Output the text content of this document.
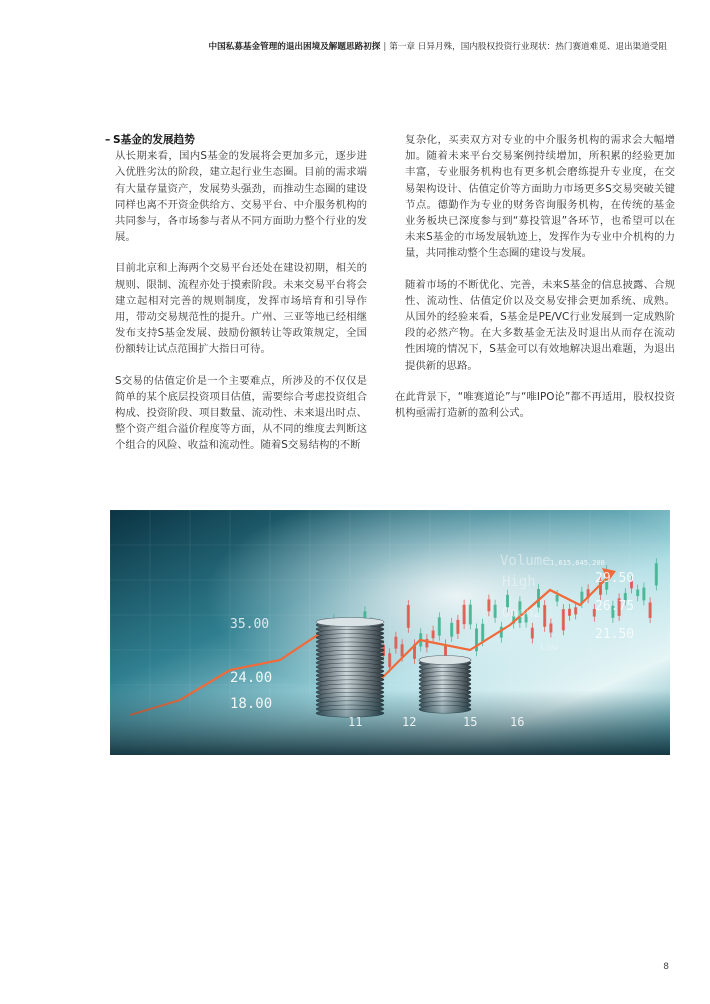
中国私募基金管理的退出困境及解题思路初探 | 第一章 日异月殊，国内股权投资行业现状：热门赛道难觅、退出渠道受阻
– S基金的发展趋势

从长期来看，国内S基金的发展将会更加多元，逐步进入优胜劣汰的阶段，建立起行业生态圈。目前的需求端有大量存量资产，发展势头强劲，而推动生态圈的建设同样也离不开资金供给方、交易平台、中介服务机构的共同参与，各市场参与者从不同方面助力整个行业的发展。

目前北京和上海两个交易平台还处在建设初期，相关的规则、限制、流程亦处于摸索阶段。未来交易平台将会建立起相对完善的规则制度，发挥市场培育和引导作用，带动交易规范性的提升。广州、三亚等地已经相继发布支持S基金发展、鼓励份额转让等政策规定，全国份额转让试点范围扩大指日可待。

S交易的估值定价是一个主要难点，所涉及的不仅仅是简单的某个底层投资项目估值，需要综合考虑投资组合构成、投资阶段、项目数量、流动性、未来退出时点、整个资产组合溢价程度等方面，从不同的维度去判断这个组合的风险、收益和流动性。随着S交易结构的不断

复杂化，买卖双方对专业的中介服务机构的需求会大幅增加。随着未来平台交易案例持续增加，所积累的经验更加丰富，专业服务机构也有更多机会磨练提升专业度，在交易架构设计、估值定价等方面助力市场更多S交易突破关键节点。德勤作为专业的财务咨询服务机构，在传统的基金业务板块已深度参与到“募投管退”各环节，也希望可以在未来S基金的市场发展轨迹上，发挥作为专业中介机构的力量，共同推动整个生态圈的建设与发展。

随着市场的不断优化、完善，未来S基金的信息披露、合规性、流动性、估值定价以及交易安排会更加系统、成熟。从国外的经验来看，S基金是PE/VC行业发展到一定成熟阶段的必然产物。在大多数基金无法及时退出从而存在流动性困境的情况下，S基金可以有效地解决退出难题，为退出提供新的思路。

在此背景下，“唯赛道论”与“唯IPO论”都不再适用，股权投资机构亟需打造新的盈利公式。

35.00
24.00
18.00
29.50
26.75
21.50
1,615,645,200
Volume
High
Open2
Low
11	12	15	16
8
